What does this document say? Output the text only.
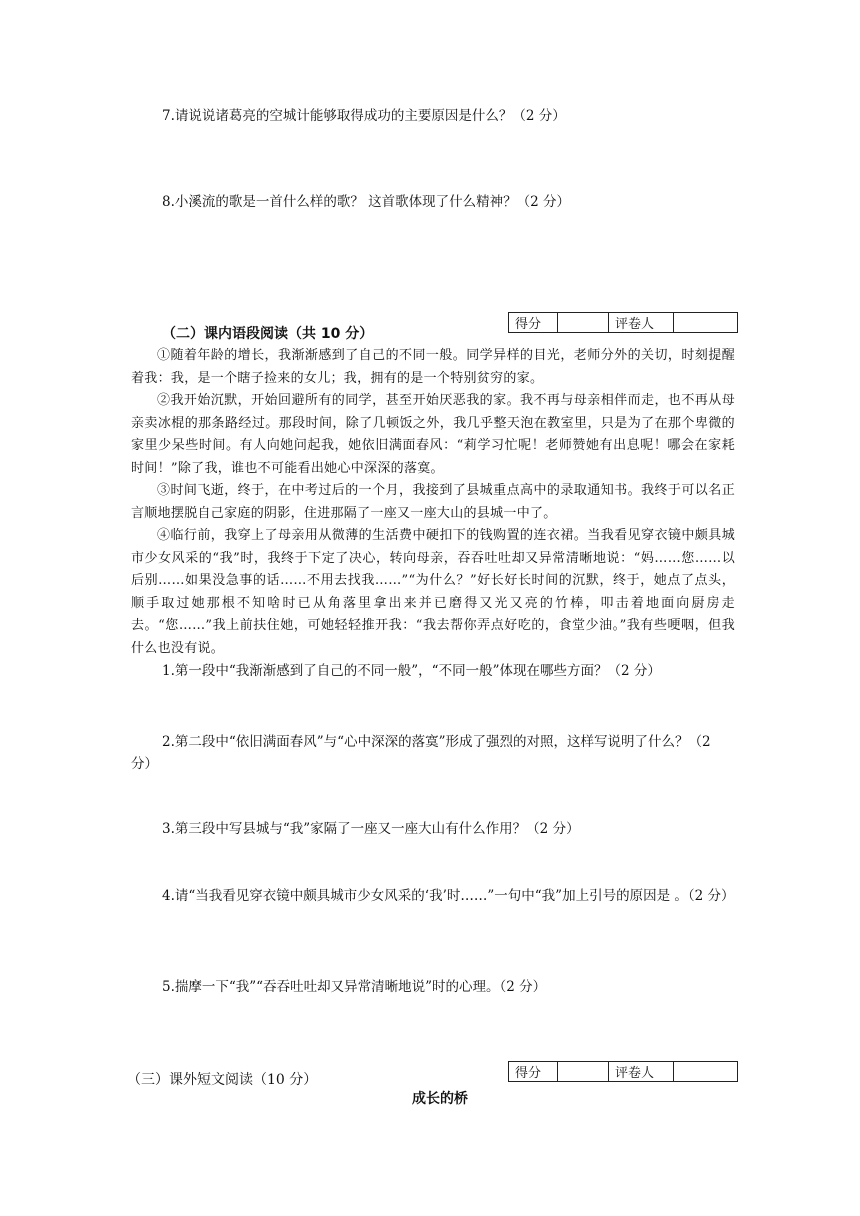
7.请说说诸葛亮的空城计能够取得成功的主要原因是什么？（2 分）
8.小溪流的歌是一首什么样的歌？ 这首歌体现了什么精神？（2 分）
得分		评卷人	
（二）课内语段阅读（共 10 分）
①随着年龄的增长，我渐渐感到了自己的不同一般。同学异样的目光，老师分外的关切，时刻提醒着我：我，是一个瞎子捡来的女儿；我，拥有的是一个特别贫穷的家。
②我开始沉默，开始回避所有的同学，甚至开始厌恶我的家。我不再与母亲相伴而走，也不再从母亲卖冰棍的那条路经过。那段时间，除了几顿饭之外，我几乎整天泡在教室里，只是为了在那个卑微的家里少呆些时间。有人向她问起我，她依旧满面春风：“莉学习忙呢！老师赞她有出息呢！哪会在家耗时间！”除了我，谁也不可能看出她心中深深的落寞。
③时间飞逝，终于，在中考过后的一个月，我接到了县城重点高中的录取通知书。我终于可以名正言顺地摆脱自己家庭的阴影，住进那隔了一座又一座大山的县城一中了。
④临行前，我穿上了母亲用从微薄的生活费中硬扣下的钱购置的连衣裙。当我看见穿衣镜中颇具城市少女风采的“我”时，我终于下定了决心，转向母亲，吞吞吐吐却又异常清晰地说：“妈……您……以后别……如果没急事的话……不用去找我……”“为什么？”好长好长时间的沉默，终于，她点了点头，顺手取过她那根不知啥时已从角落里拿出来并已磨得又光又亮的竹棒，叩击着地面向厨房走去。“您……”我上前扶住她，可她轻轻推开我：“我去帮你弄点好吃的，食堂少油。”我有些哽咽，但我什么也没有说。
1.第一段中“我渐渐感到了自己的不同一般”，“不同一般”体现在哪些方面？（2 分）
2.第二段中“依旧满面春风”与“心中深深的落寞”形成了强烈的对照，这样写说明了什么？（2 分）
3.第三段中写县城与“我”家隔了一座又一座大山有什么作用？（2 分）
4.请“当我看见穿衣镜中颇具城市少女风采的‘我’时……”一句中“我”加上引号的原因是 。（2 分）
5.揣摩一下“我”“吞吞吐吐却又异常清晰地说”时的心理。（2 分）
得分		评卷人	
（三）课外短文阅读（10 分）
成长的桥
